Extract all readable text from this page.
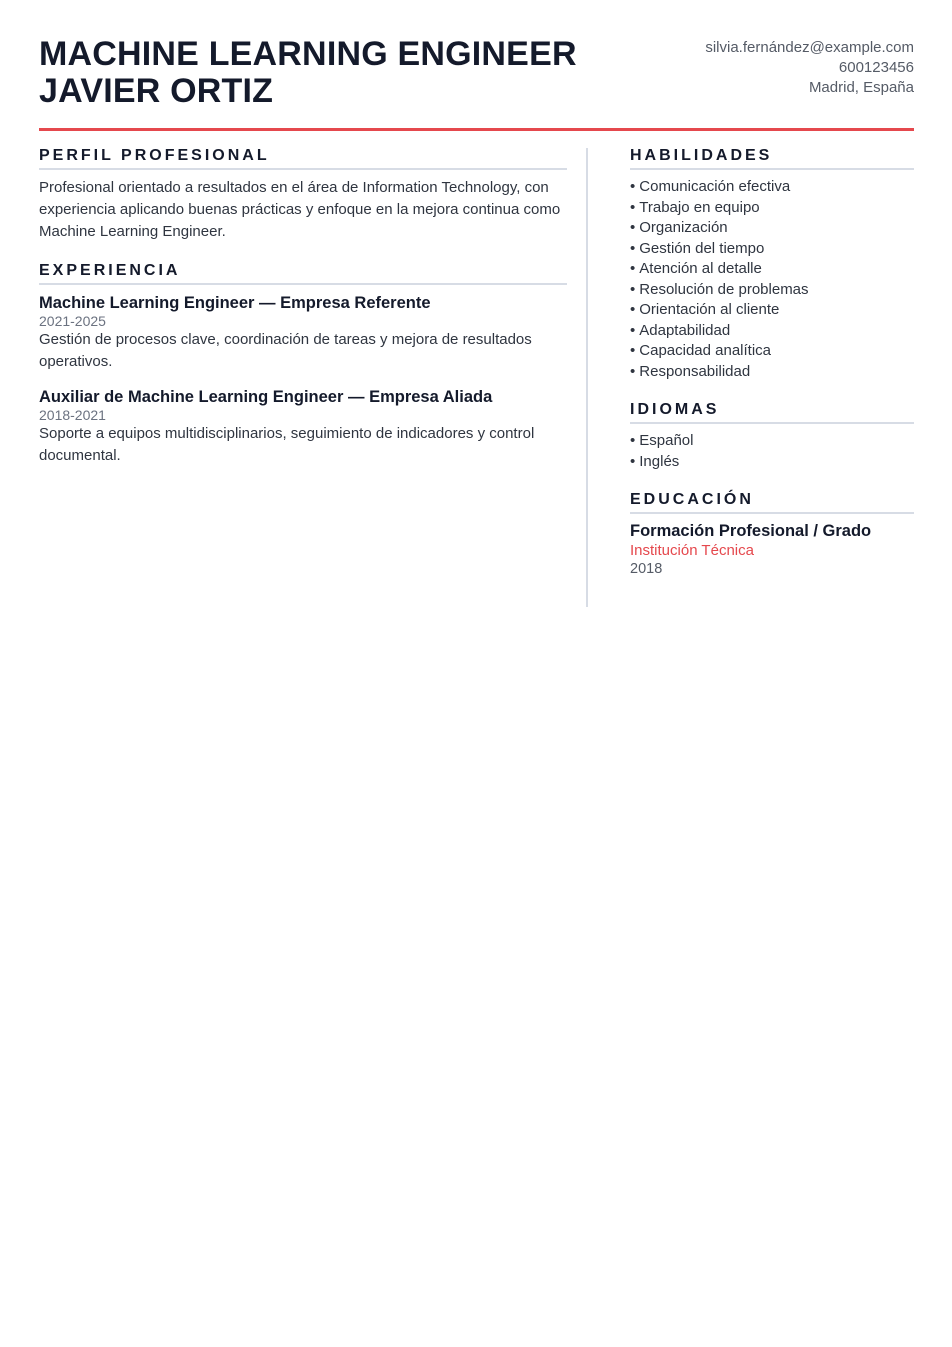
MACHINE LEARNING ENGINEER
JAVIER ORTIZ
silvia.fernández@example.com
600123456
Madrid, España
PERFIL PROFESIONAL

Profesional orientado a resultados en el área de Information Technology, con experiencia aplicando buenas prácticas y enfoque en la mejora continua como Machine Learning Engineer.

EXPERIENCIA
Machine Learning Engineer — Empresa Referente
2021-2025
Gestión de procesos clave, coordinación de tareas y mejora de resultados operativos.
Auxiliar de Machine Learning Engineer — Empresa Aliada
2018-2021
Soporte a equipos multidisciplinarios, seguimiento de indicadores y control documental.
HABILIDADES
• Comunicación efectiva
• Trabajo en equipo
• Organización
• Gestión del tiempo
• Atención al detalle
• Resolución de problemas
• Orientación al cliente
• Adaptabilidad
• Capacidad analítica
• Responsabilidad
IDIOMAS
• Español
• Inglés
EDUCACIÓN
Formación Profesional / Grado
Institución Técnica
2018
